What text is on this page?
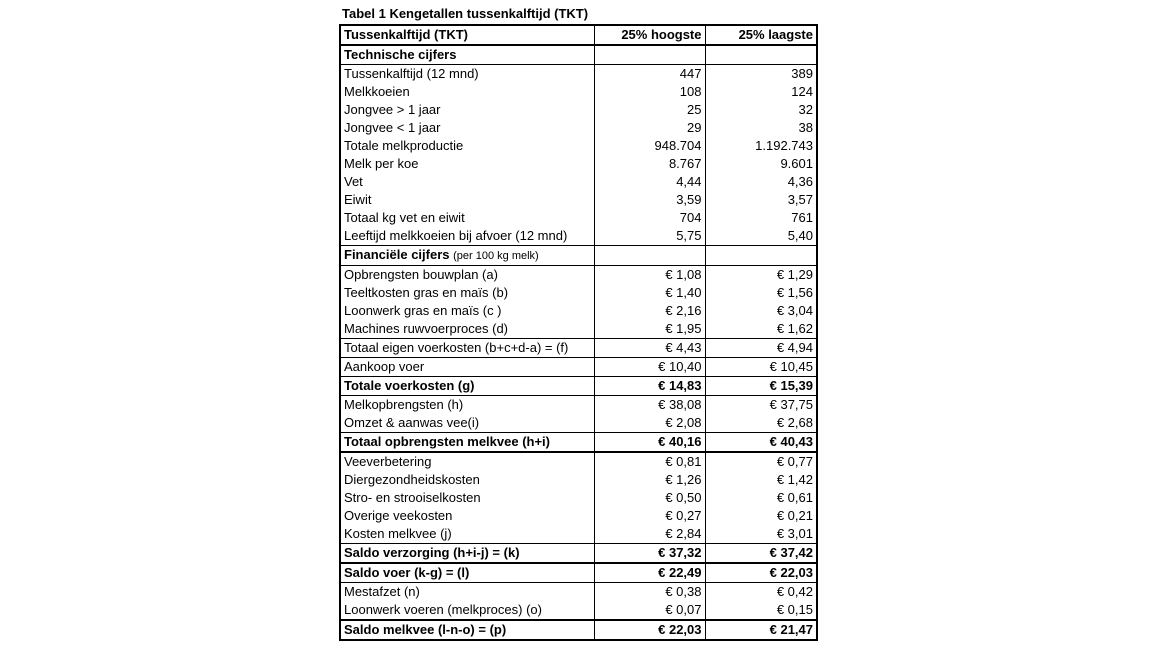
Tabel 1 Kengetallen tussenkalftijd (TKT)
Tussenkalftijd (TKT)	25% hoogste	25% laagste
Technische cijfers		
Tussenkalftijd (12 mnd)	447	389
Melkkoeien	108	124
Jongvee > 1 jaar	25	32
Jongvee < 1 jaar	29	38
Totale melkproductie	948.704	1.192.743
Melk per koe	8.767	9.601
Vet	4,44	4,36
Eiwit	3,59	3,57
Totaal kg vet en eiwit	704	761
Leeftijd melkkoeien bij afvoer (12 mnd)	5,75	5,40
Financiële cijfers (per 100 kg melk)		
Opbrengsten bouwplan (a)	€ 1,08	€ 1,29
Teeltkosten gras en maïs (b)	€ 1,40	€ 1,56
Loonwerk gras en maïs (c )	€ 2,16	€ 3,04
Machines ruwvoerproces (d)	€ 1,95	€ 1,62
Totaal eigen voerkosten (b+c+d-a) = (f)	€ 4,43	€ 4,94
Aankoop voer	€ 10,40	€ 10,45
Totale voerkosten (g)	€ 14,83	€ 15,39
Melkopbrengsten (h)	€ 38,08	€ 37,75
Omzet & aanwas vee(i)	€ 2,08	€ 2,68
Totaal opbrengsten melkvee (h+i)	€ 40,16	€ 40,43
Veeverbetering	€ 0,81	€ 0,77
Diergezondheidskosten	€ 1,26	€ 1,42
Stro- en strooiselkosten	€ 0,50	€ 0,61
Overige veekosten	€ 0,27	€ 0,21
Kosten melkvee (j)	€ 2,84	€ 3,01
Saldo verzorging (h+i-j) = (k)	€ 37,32	€ 37,42
Saldo voer (k-g) = (l)	€ 22,49	€ 22,03
Mestafzet (n)	€ 0,38	€ 0,42
Loonwerk voeren (melkproces) (o)	€ 0,07	€ 0,15
Saldo melkvee (l-n-o) = (p)	€ 22,03	€ 21,47
